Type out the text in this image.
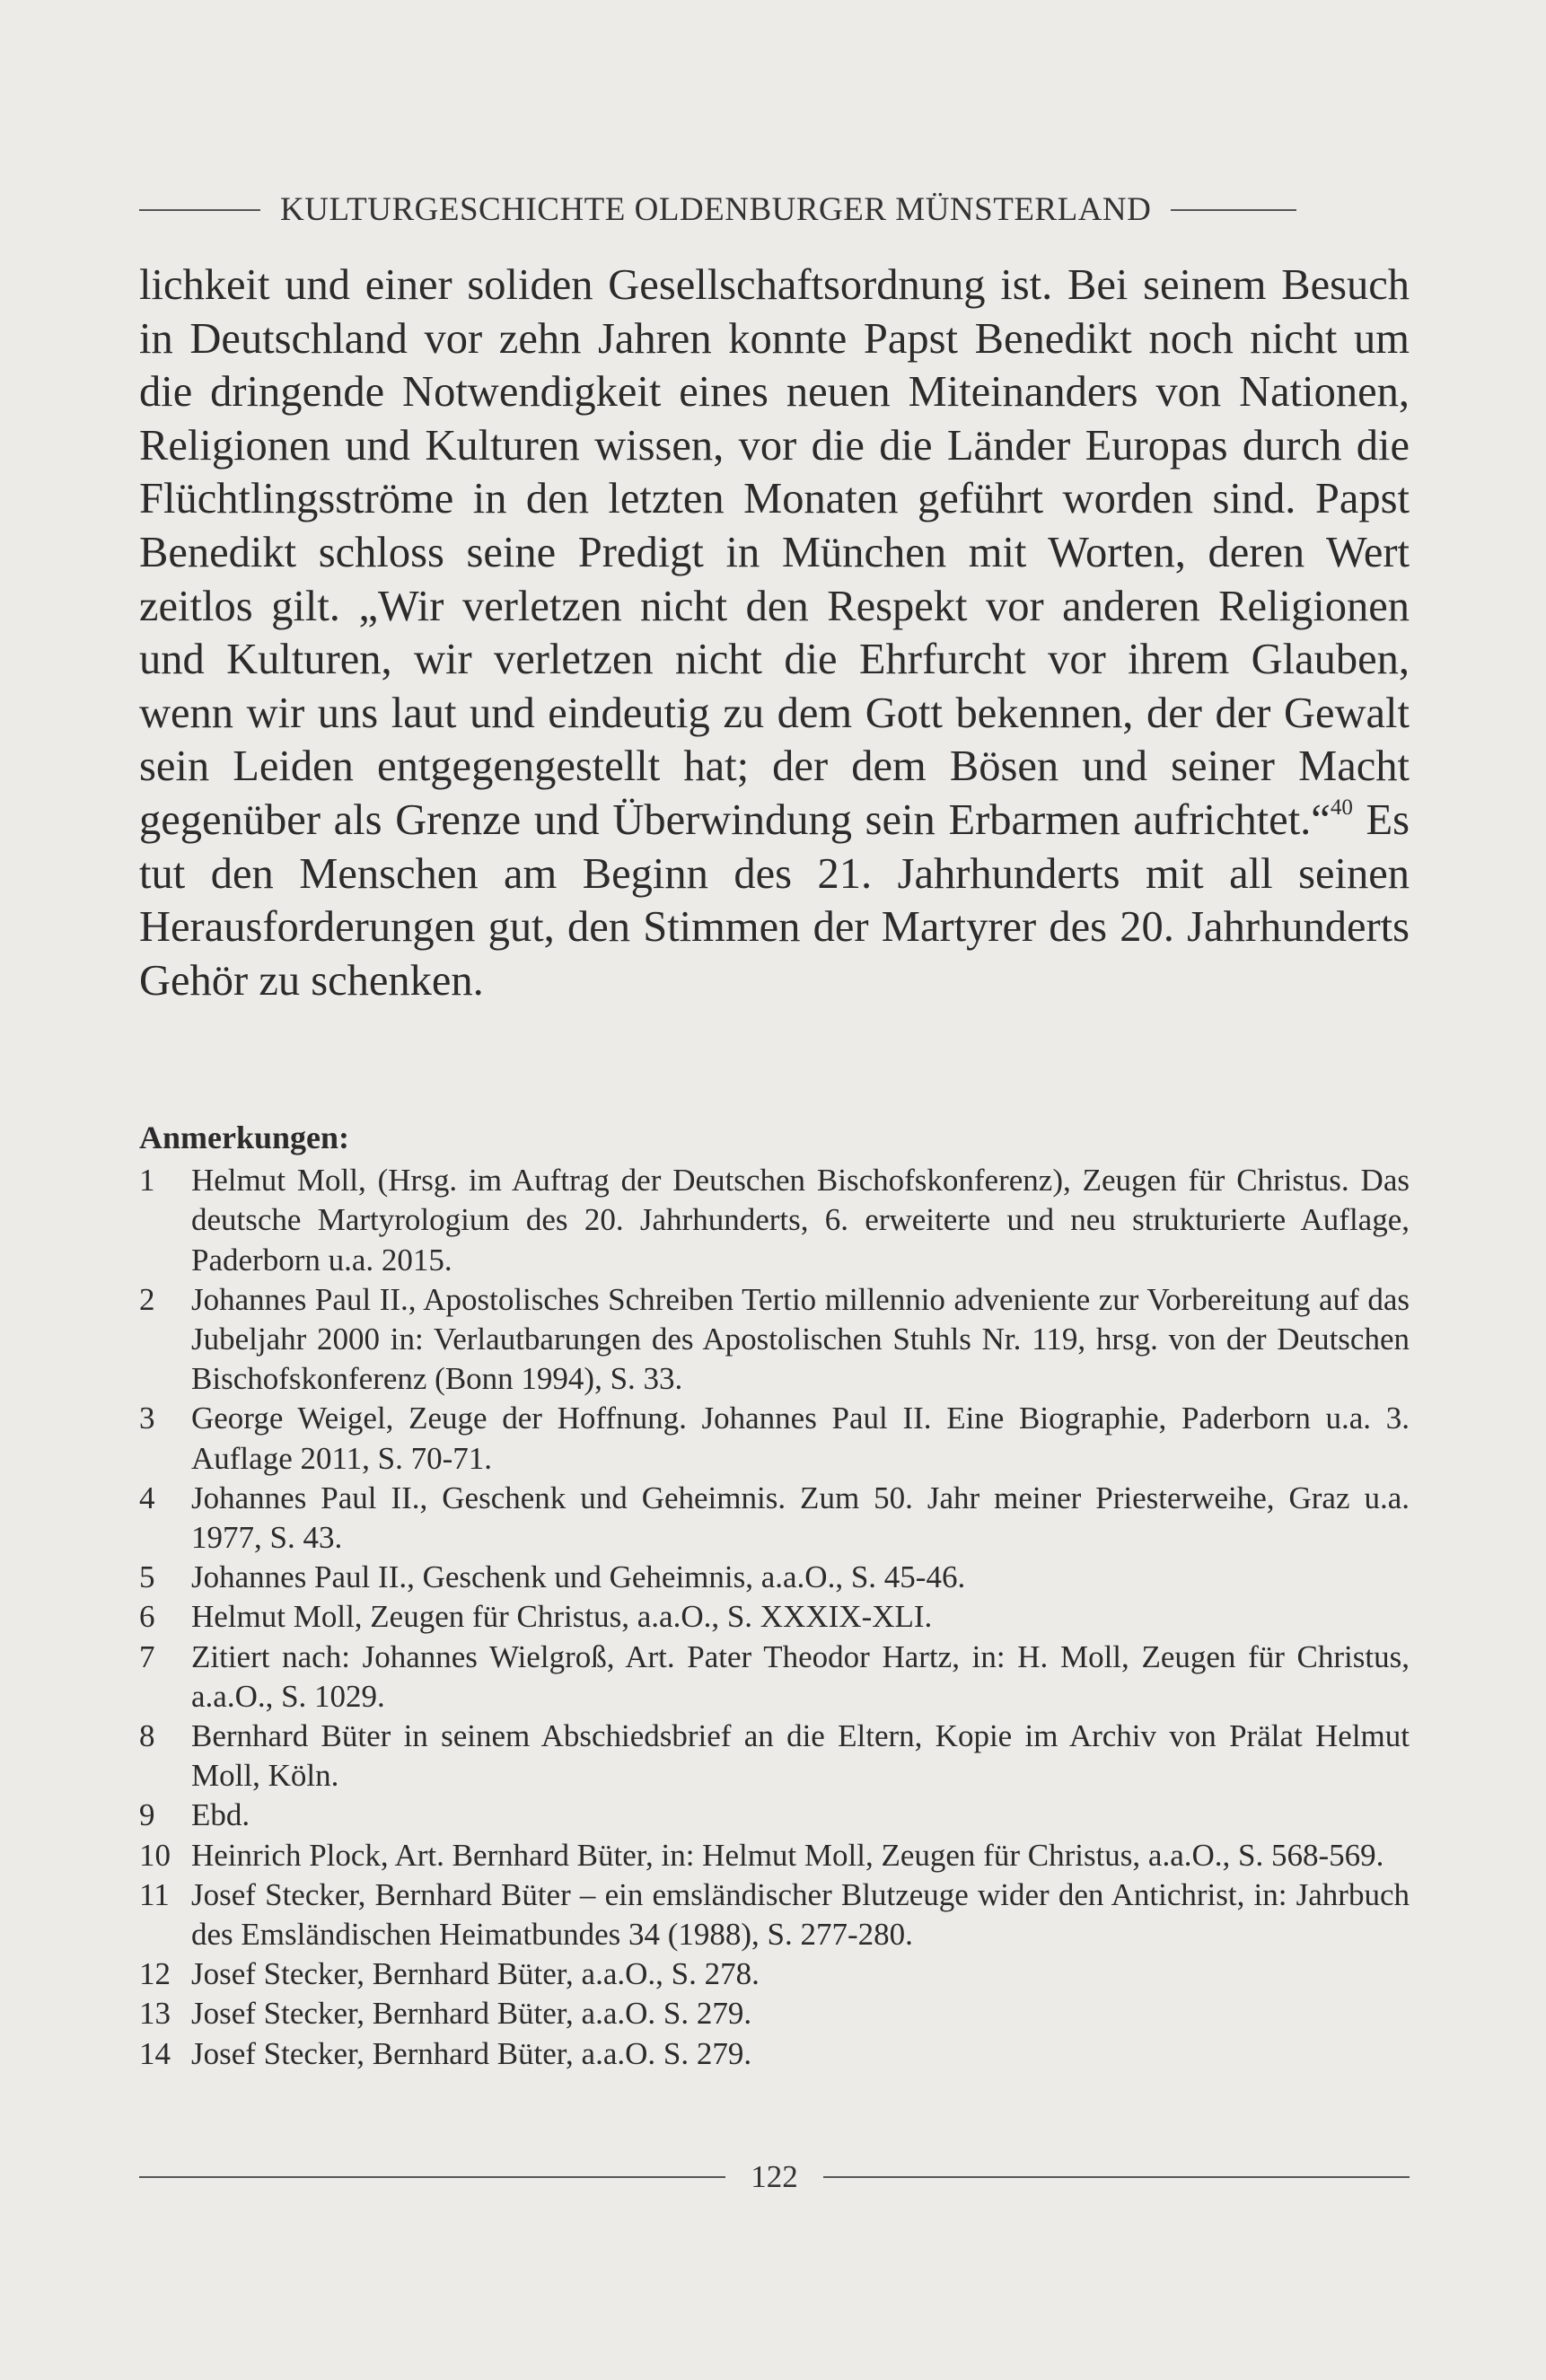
KULTURGESCHICHTE OLDENBURGER MÜNSTERLAND

lichkeit und einer soliden Gesellschaftsordnung ist. Bei seinem Besuch in Deutschland vor zehn Jahren konnte Papst Benedikt noch nicht um die dringende Notwendigkeit eines neuen Miteinanders von Nationen, Religionen und Kulturen wissen, vor die die Länder Europas durch die Flüchtlingsströme in den letzten Monaten geführt worden sind. Papst Benedikt schloss seine Predigt in München mit Worten, deren Wert zeitlos gilt. „Wir verletzen nicht den Respekt vor anderen Religionen und Kulturen, wir verletzen nicht die Ehrfurcht vor ihrem Glauben, wenn wir uns laut und eindeutig zu dem Gott bekennen, der der Gewalt sein Leiden entgegengestellt hat; der dem Bösen und seiner Macht gegenüber als Grenze und Überwindung sein Erbarmen aufrichtet.“$^{40}$ Es tut den Menschen am Beginn des 21. Jahrhunderts mit all seinen Herausforderungen gut, den Stimmen der Martyrer des 20. Jahrhunderts Gehör zu schenken.

Anmerkungen:
1	Helmut Moll, (Hrsg. im Auftrag der Deutschen Bischofskonferenz), Zeugen für Christus. Das deutsche Martyrologium des 20. Jahrhunderts, 6. erweiterte und neu strukturierte Auflage, Paderborn u.a. 2015.
2	Johannes Paul II., Apostolisches Schreiben Tertio millennio adveniente zur Vorbereitung auf das Jubeljahr 2000 in: Verlautbarungen des Apostolischen Stuhls Nr. 119, hrsg. von der Deutschen Bischofskonferenz (Bonn 1994), S. 33.
3	George Weigel, Zeuge der Hoffnung. Johannes Paul II. Eine Biographie, Paderborn u.a. 3. Auflage 2011, S. 70-71.
4	Johannes Paul II., Geschenk und Geheimnis. Zum 50. Jahr meiner Priesterweihe, Graz u.a. 1977, S. 43.
5	Johannes Paul II., Geschenk und Geheimnis, a.a.O., S. 45-46.
6	Helmut Moll, Zeugen für Christus, a.a.O., S. XXXIX-XLI.
7	Zitiert nach: Johannes Wielgroß, Art. Pater Theodor Hartz, in: H. Moll, Zeugen für Christus, a.a.O., S. 1029.
8	Bernhard Büter in seinem Abschiedsbrief an die Eltern, Kopie im Archiv von Prälat Helmut Moll, Köln.
9	Ebd.
10 Heinrich Plock, Art. Bernhard Büter, in: Helmut Moll, Zeugen für Christus, a.a.O., S. 568-569.
11 Josef Stecker, Bernhard Büter – ein emsländischer Blutzeuge wider den Antichrist, in: Jahrbuch des Emsländischen Heimatbundes 34 (1988), S. 277-280.
12 Josef Stecker, Bernhard Büter, a.a.O., S. 278.
13 Josef Stecker, Bernhard Büter, a.a.O. S. 279.
14 Josef Stecker, Bernhard Büter, a.a.O. S. 279.
122
